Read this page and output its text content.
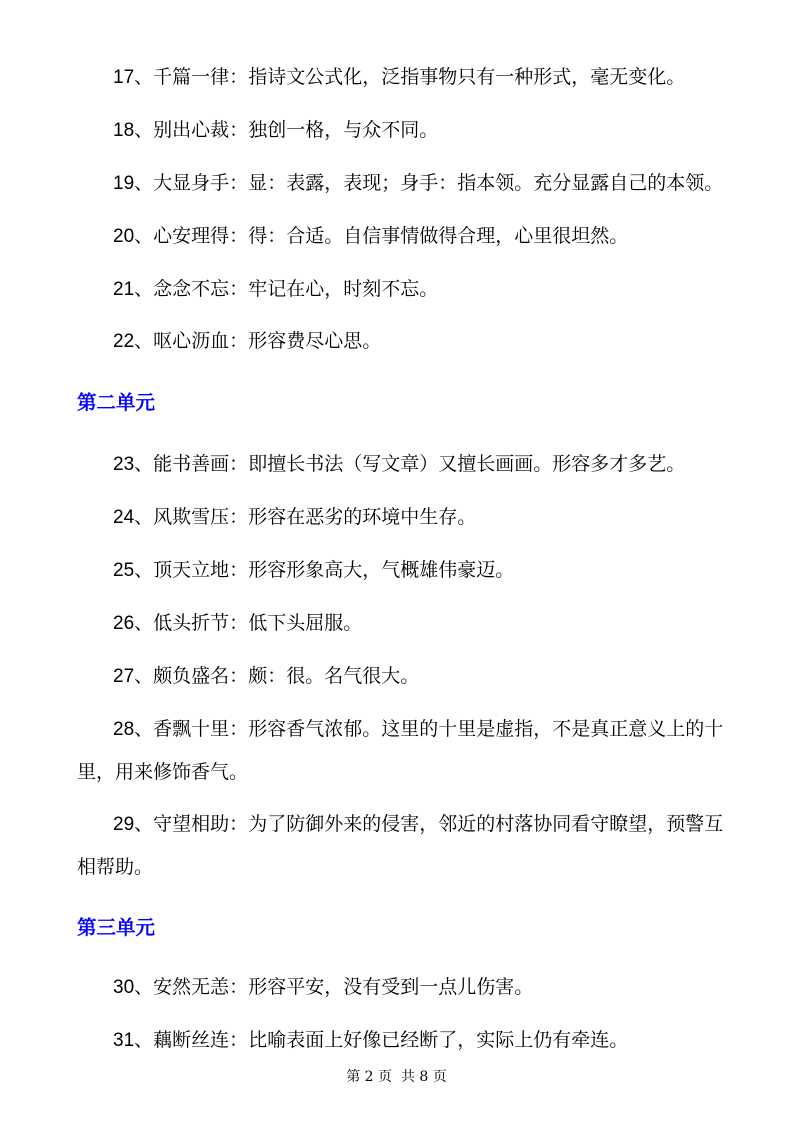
17、千篇一律：指诗文公式化，泛指事物只有一种形式，毫无变化。

18、别出心裁：独创一格，与众不同。

19、大显身手：显：表露，表现；身手：指本领。充分显露自己的本领。

20、心安理得：得：合适。自信事情做得合理，心里很坦然。

21、念念不忘：牢记在心，时刻不忘。

22、呕心沥血：形容费尽心思。

第二单元

23、能书善画：即擅长书法（写文章）又擅长画画。形容多才多艺。

24、风欺雪压：形容在恶劣的环境中生存。

25、顶天立地：形容形象高大，气概雄伟豪迈。

26、低头折节：低下头屈服。

27、颇负盛名：颇：很。名气很大。

28、香飘十里：形容香气浓郁。这里的十里是虚指，不是真正意义上的十
里，用来修饰香气。

29、守望相助：为了防御外来的侵害，邻近的村落协同看守瞭望，预警互
相帮助。

第三单元

30、安然无恙：形容平安，没有受到一点儿伤害。

31、藕断丝连：比喻表面上好像已经断了，实际上仍有牵连。

第 2 页  共 8 页
